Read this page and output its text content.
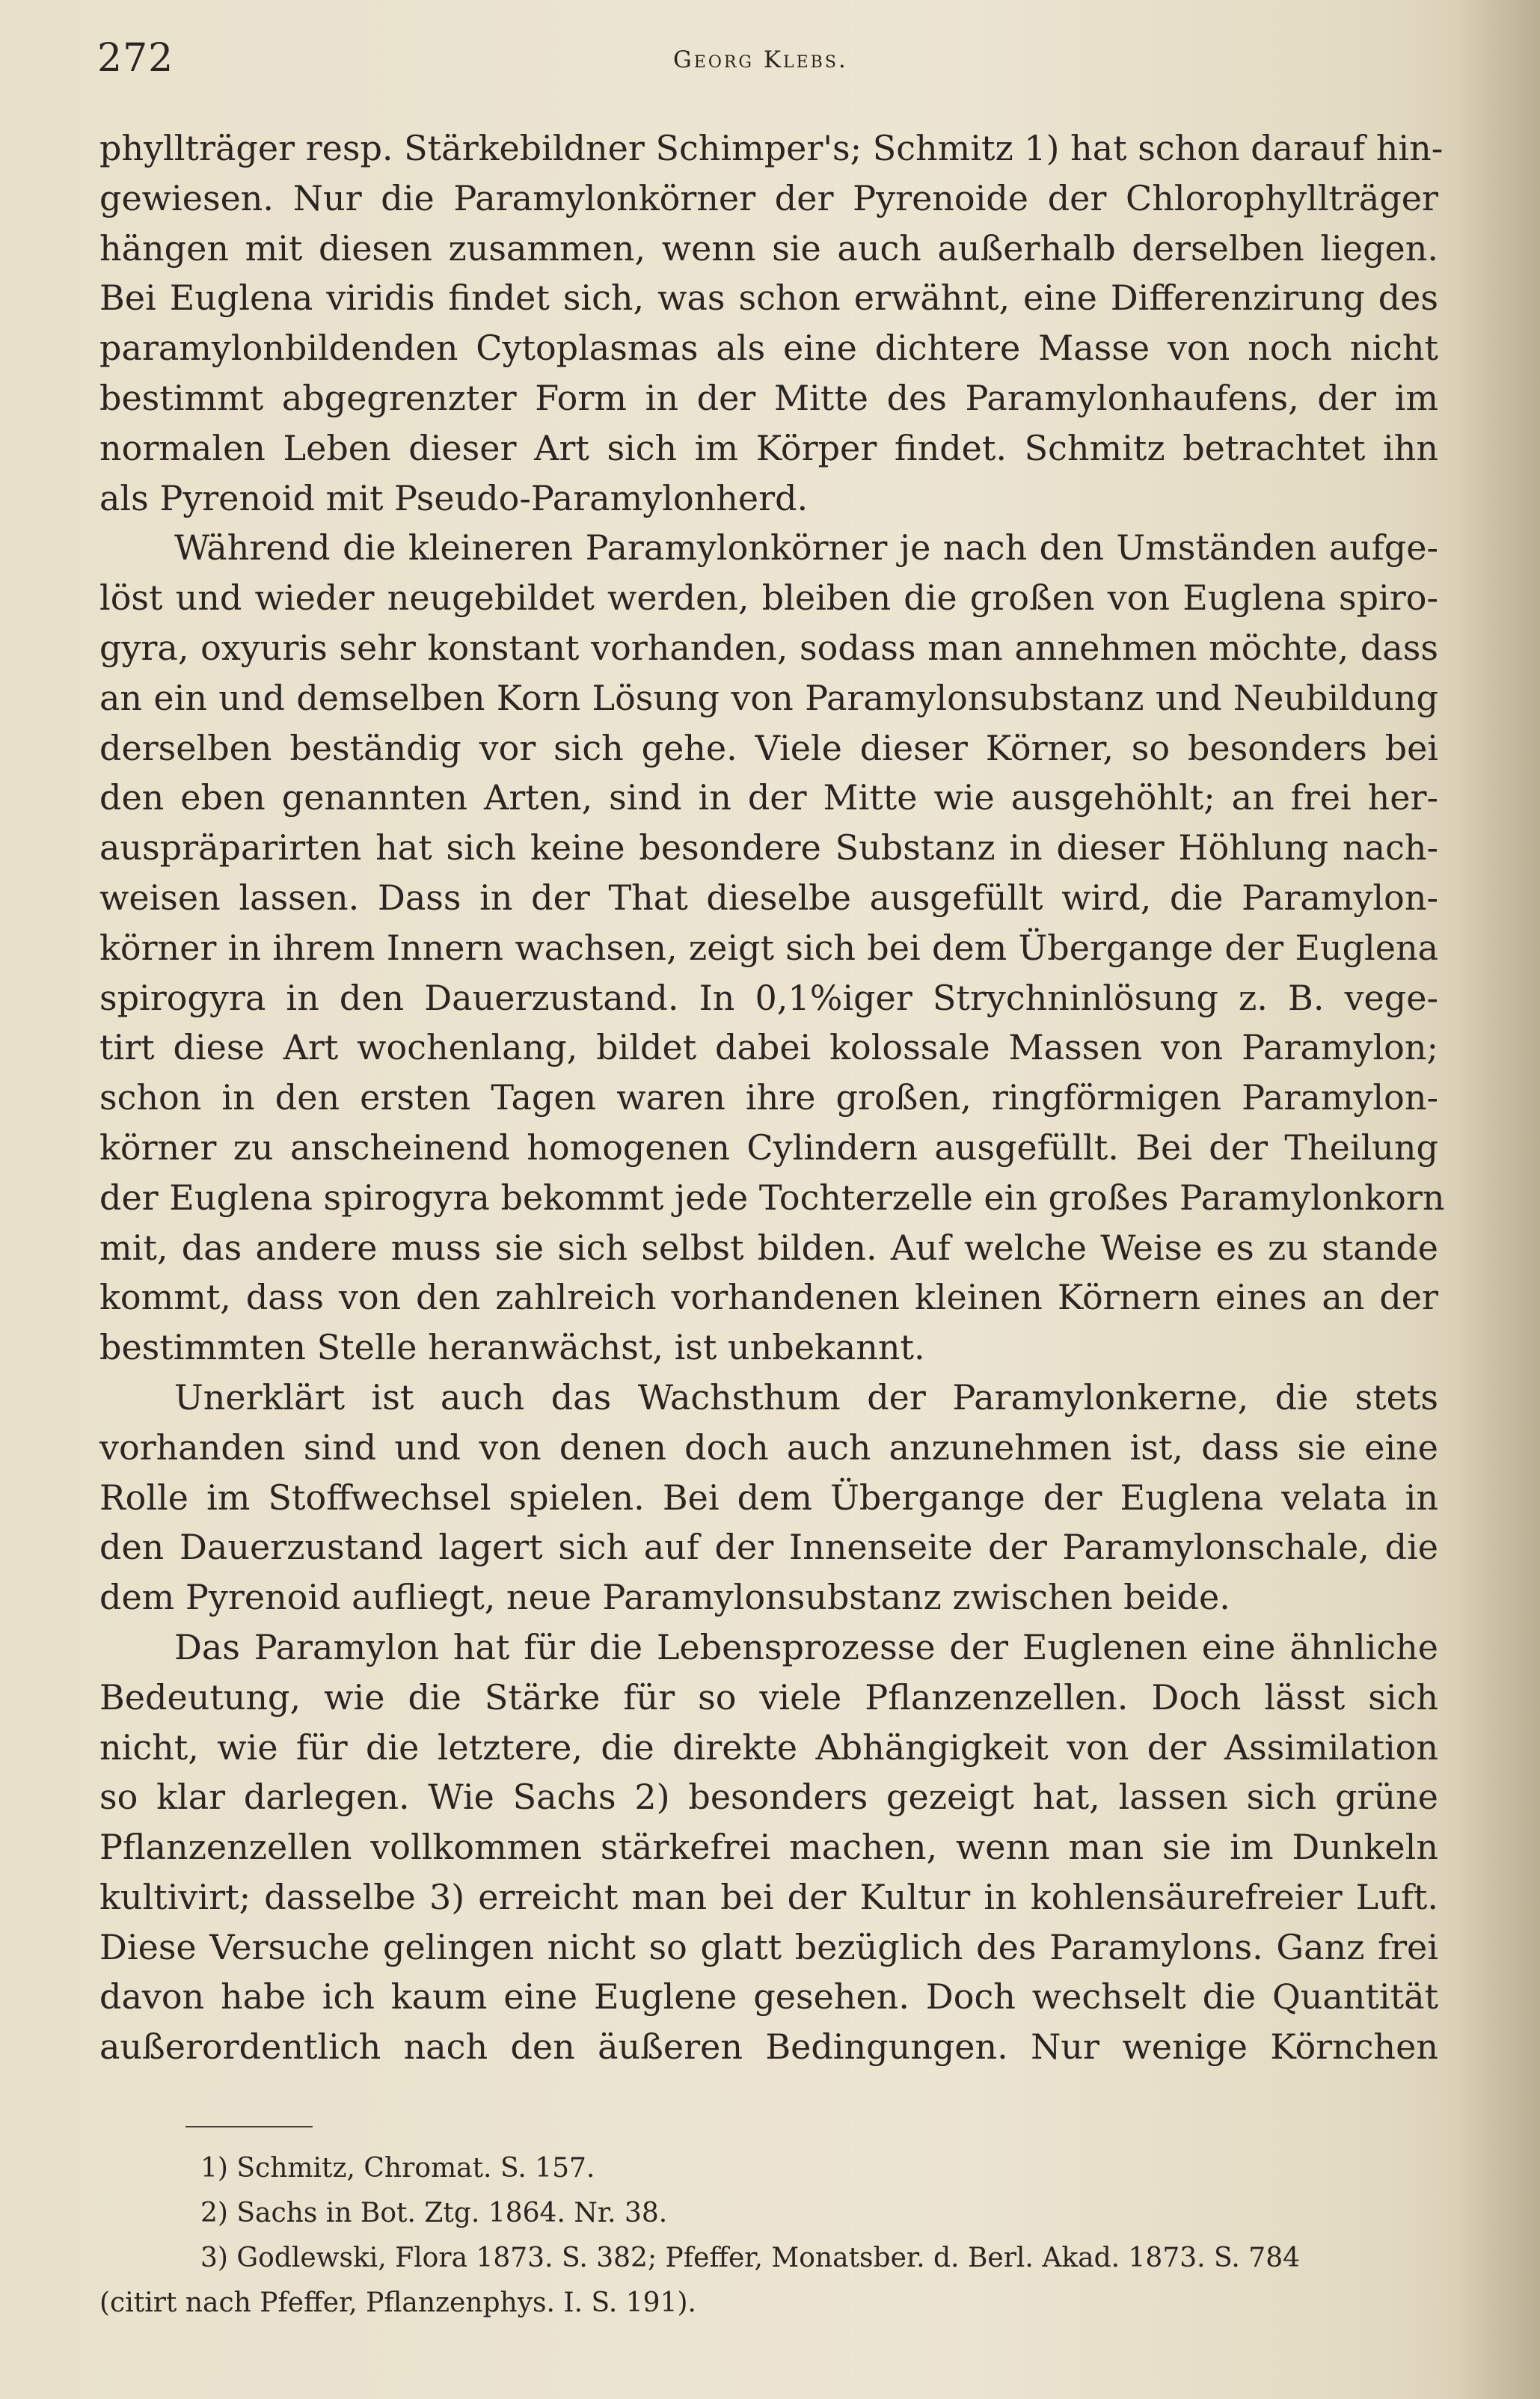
272	Georg Klebs.
phyllträger resp. Stärkebildner Schimper's; Schmitz 1) hat schon darauf hin-
gewiesen. Nur die Paramylonkörner der Pyrenoide der Chlorophyllträger
hängen mit diesen zusammen, wenn sie auch außerhalb derselben liegen.
Bei Euglena viridis findet sich, was schon erwähnt, eine Differenzirung des
paramylonbildenden Cytoplasmas als eine dichtere Masse von noch nicht
bestimmt abgegrenzter Form in der Mitte des Paramylonhaufens, der im
normalen Leben dieser Art sich im Körper findet. Schmitz betrachtet ihn
als Pyrenoid mit Pseudo-Paramylonherd.
Während die kleineren Paramylonkörner je nach den Umständen aufge-
löst und wieder neugebildet werden, bleiben die großen von Euglena spiro-
gyra, oxyuris sehr konstant vorhanden, sodass man annehmen möchte, dass
an ein und demselben Korn Lösung von Paramylonsubstanz und Neubildung
derselben beständig vor sich gehe. Viele dieser Körner, so besonders bei
den eben genannten Arten, sind in der Mitte wie ausgehöhlt; an frei her-
auspräparirten hat sich keine besondere Substanz in dieser Höhlung nach-
weisen lassen. Dass in der That dieselbe ausgefüllt wird, die Paramylon-
körner in ihrem Innern wachsen, zeigt sich bei dem Übergange der Euglena
spirogyra in den Dauerzustand. In 0,1%iger Strychninlösung z. B. vege-
tirt diese Art wochenlang, bildet dabei kolossale Massen von Paramylon;
schon in den ersten Tagen waren ihre großen, ringförmigen Paramylon-
körner zu anscheinend homogenen Cylindern ausgefüllt. Bei der Theilung
der Euglena spirogyra bekommt jede Tochterzelle ein großes Paramylonkorn
mit, das andere muss sie sich selbst bilden. Auf welche Weise es zu stande
kommt, dass von den zahlreich vorhandenen kleinen Körnern eines an der
bestimmten Stelle heranwächst, ist unbekannt.
Unerklärt ist auch das Wachsthum der Paramylonkerne, die stets
vorhanden sind und von denen doch auch anzunehmen ist, dass sie eine
Rolle im Stoffwechsel spielen. Bei dem Übergange der Euglena velata in
den Dauerzustand lagert sich auf der Innenseite der Paramylonschale, die
dem Pyrenoid aufliegt, neue Paramylonsubstanz zwischen beide.
Das Paramylon hat für die Lebensprozesse der Euglenen eine ähnliche
Bedeutung, wie die Stärke für so viele Pflanzenzellen. Doch lässt sich
nicht, wie für die letztere, die direkte Abhängigkeit von der Assimilation
so klar darlegen. Wie Sachs 2) besonders gezeigt hat, lassen sich grüne
Pflanzenzellen vollkommen stärkefrei machen, wenn man sie im Dunkeln
kultivirt; dasselbe 3) erreicht man bei der Kultur in kohlensäurefreier Luft.
Diese Versuche gelingen nicht so glatt bezüglich des Paramylons. Ganz frei
davon habe ich kaum eine Euglene gesehen. Doch wechselt die Quantität
außerordentlich nach den äußeren Bedingungen. Nur wenige Körnchen
1) Schmitz, Chromat. S. 157.
2) Sachs in Bot. Ztg. 1864. Nr. 38.
3) Godlewski, Flora 1873. S. 382; Pfeffer, Monatsber. d. Berl. Akad. 1873. S. 784
(citirt nach Pfeffer, Pflanzenphys. I. S. 191).
